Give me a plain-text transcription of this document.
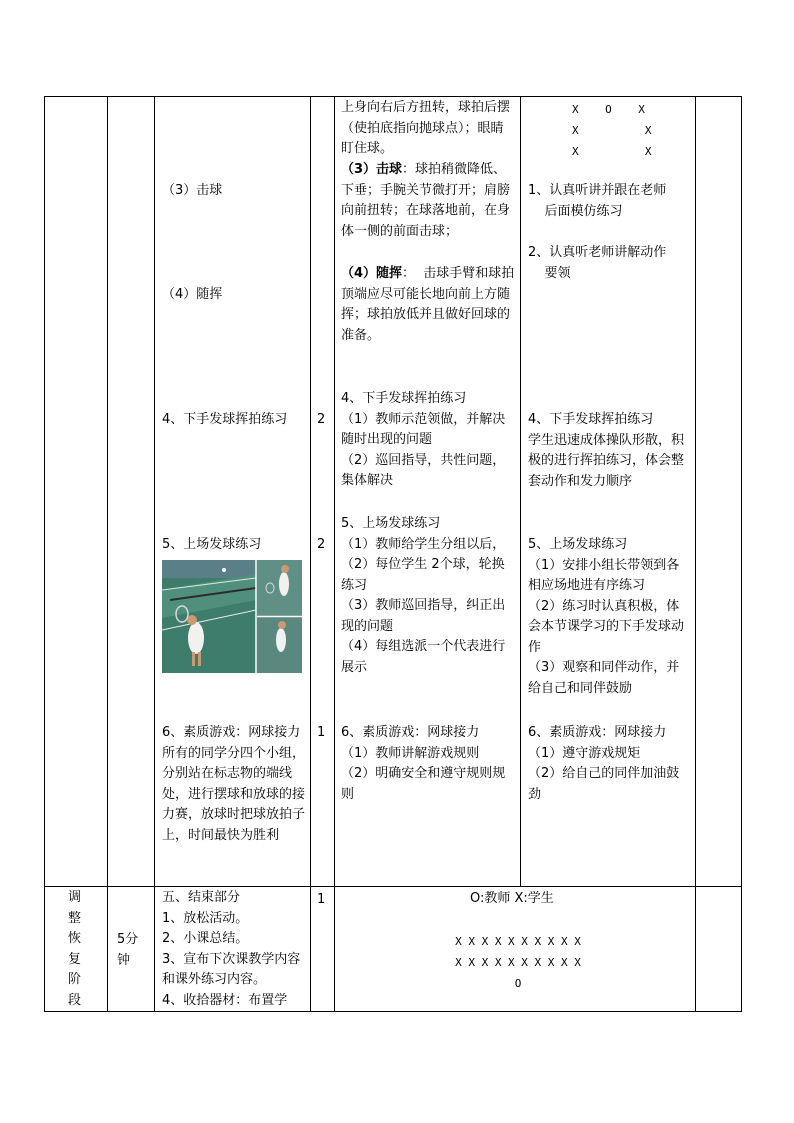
（3）击球
（4）随挥
4、下手发球挥拍练习
5、上场发球练习
6、素质游戏：网球接力
所有的同学分四个小组，分别站在标志物的端线处，进行摆球和放球的接力赛，放球时把球放拍子上，时间最快为胜利
2
2
1
1
上身向右后方扭转，球拍后摆（使拍底指向抛球点）；眼睛盯住球。
（3）击球：球拍稍微降低、下垂；手腕关节微打开；肩膀向前扭转；在球落地前，在身体一侧的前面击球；
（4）随挥：  击球手臂和球拍顶端应尽可能长地向前上方随挥；球拍放低并且做好回球的准备。
4、下手发球挥拍练习
（1）教师示范领做，并解决随时出现的问题
（2）巡回指导，共性问题，集体解决
5、上场发球练习
（1）教师给学生分组以后，
（2）每位学生 2个球，轮换练习
（3）教师巡回指导，纠正出现的问题
（4）每组选派一个代表进行展示
6、素质游戏：网球接力
（1）教师讲解游戏规则
（2）明确安全和遵守规则规则
X    O    X
X          X
X          X
1、认真听讲并跟在老师
后面模仿练习
2、认真听老师讲解动作
要领
4、下手发球挥拍练习
学生迅速成体操队形散，积极的进行挥拍练习，体会整套动作和发力顺序
5、上场发球练习
（1）安排小组长带领到各相应场地进有序练习
（2）练习时认真积极，体会本节课学习的下手发球动作
（3）观察和同伴动作，并给自己和同伴鼓励
6、素质游戏：网球接力
（1）遵守游戏规矩
（2）给自己的同伴加油鼓劲
调
整
恢
复
阶
段
5分
钟
五、结束部分
1、放松活动。
2、小课总结。
3、宣布下次课教学内容和课外练习内容。
4、收拾器材：布置学
O:教师 X:学生
X X X X X X X X X X
X X X X X X X X X X
O
